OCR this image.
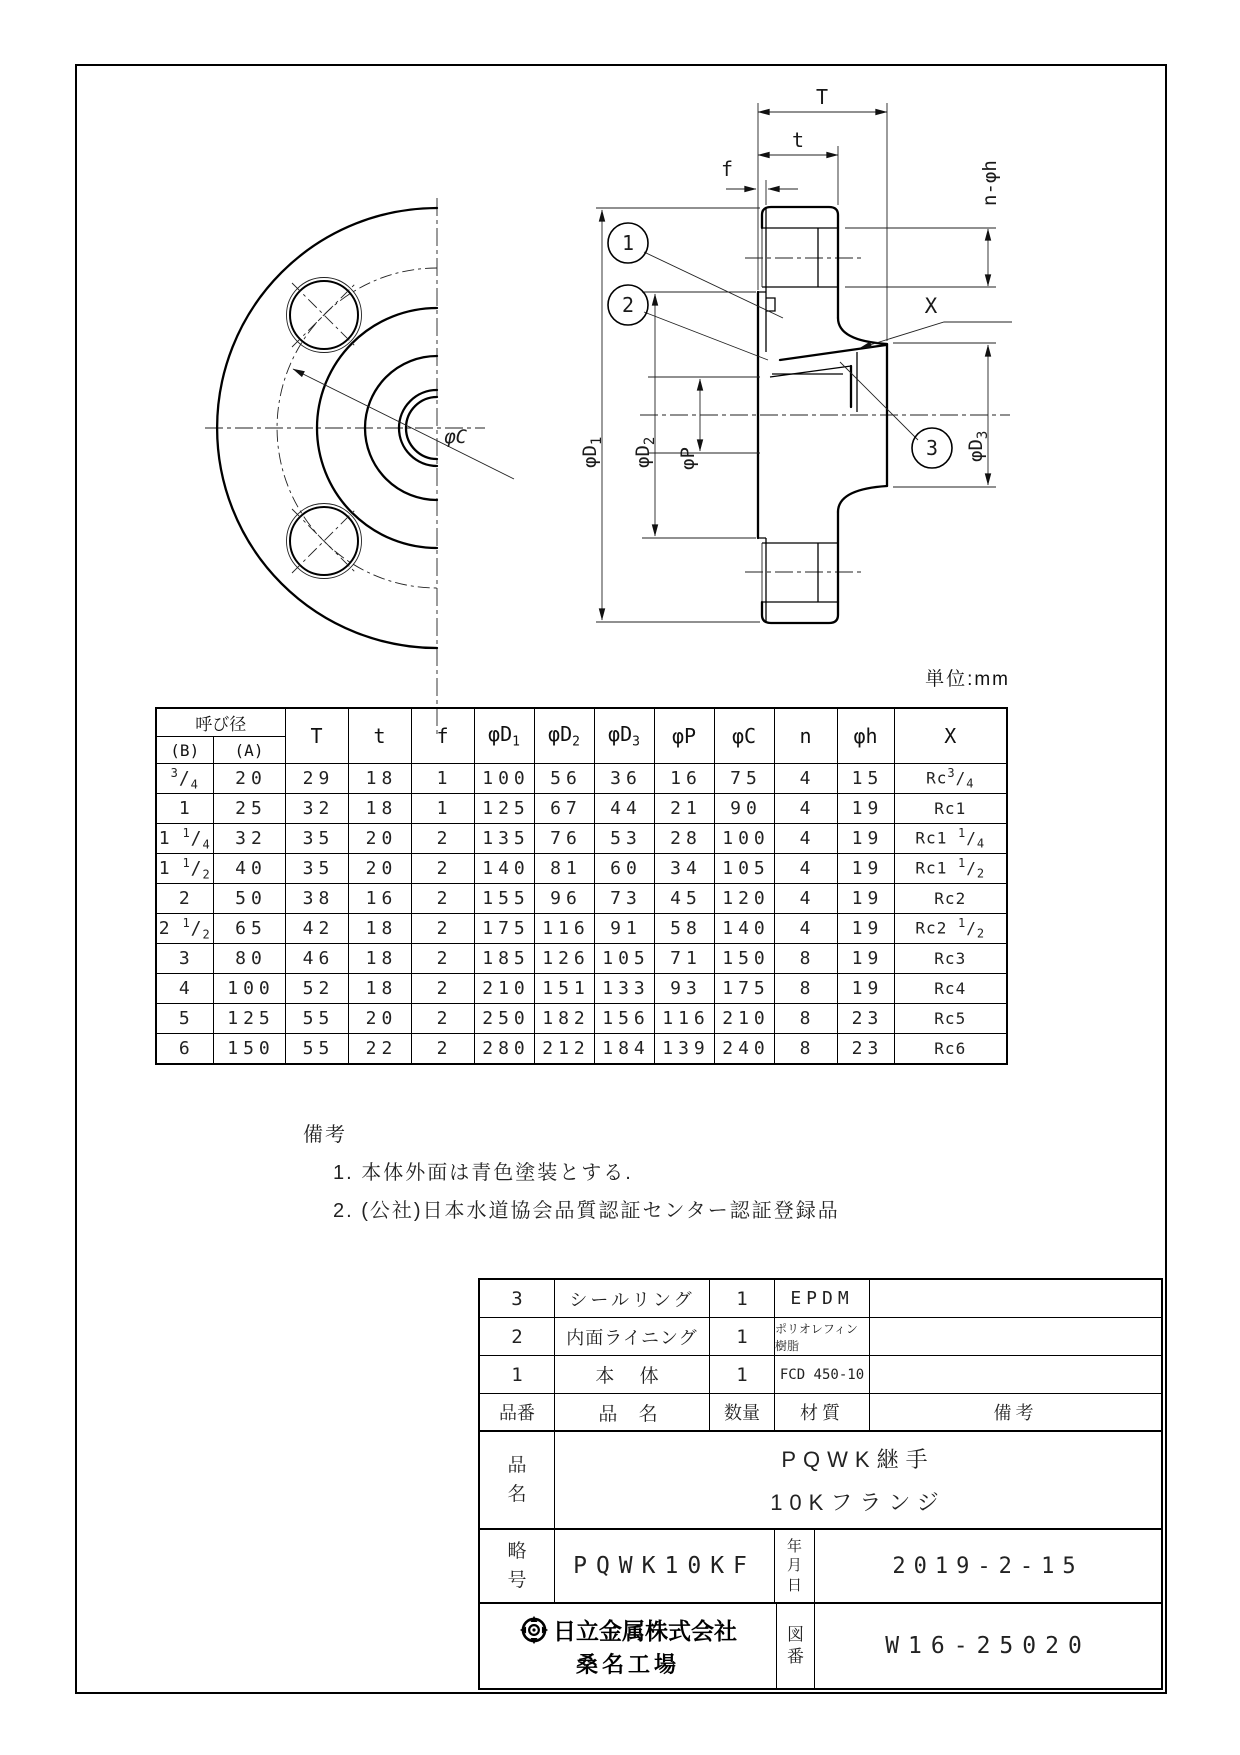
φC
T
t
f
X
n-φh
$\varphi D_1$
$\varphi D_2$
φP	$\varphi D_3$
1
2
3
単位:mm
呼び径		T	t	f	$\varphi D_1$	$\varphi D_2$	$\varphi D_3$	φP	φC	n	φh	X
(B)	(A)											
$^3/_4$	20	29	18	1	100	56	36	16	75	4	15	$Rc^3/_4$
1	25	32	18	1	125	67	44	21	90	4	19	Rc1
1 $^1/_4$	32	35	20	2	135	76	53	28	100	4	19	Rc1 $^1/_4$
1 $^1/_2$	40	35	20	2	140	81	60	34	105	4	19	Rc1 $^1/_2$
2	50	38	16	2	155	96	73	45	120	4	19	Rc2
2 $^1/_2$	65	42	18	2	175	116	91	58	140	4	19	Rc2 $^1/_2$
3	80	46	18	2	185	126	105	71	150	8	19	Rc3
4	100	52	18	2	210	151	133	93	175	8	19	Rc4
5	125	55	20	2	250	182	156	116	210	8	23	Rc5
6	150	55	22	2	280	212	184	139	240	8	23	Rc6
備考
1. 本体外面は青色塗装とする.
2. (公社)日本水道協会品質認証センター認証登録品
3	シールリング	1	EPDM
2	内面ライニング	1	ポリオレフィン樹脂
1	本 体	1	FCD 450-10
品番	品 名	数量	材質	備考
品名
PQWK継手
10Kフランジ
略号
PQWK10KF
年月日
2019-2-15
日立金属株式会社
桑名工場
図番	W16-25020
